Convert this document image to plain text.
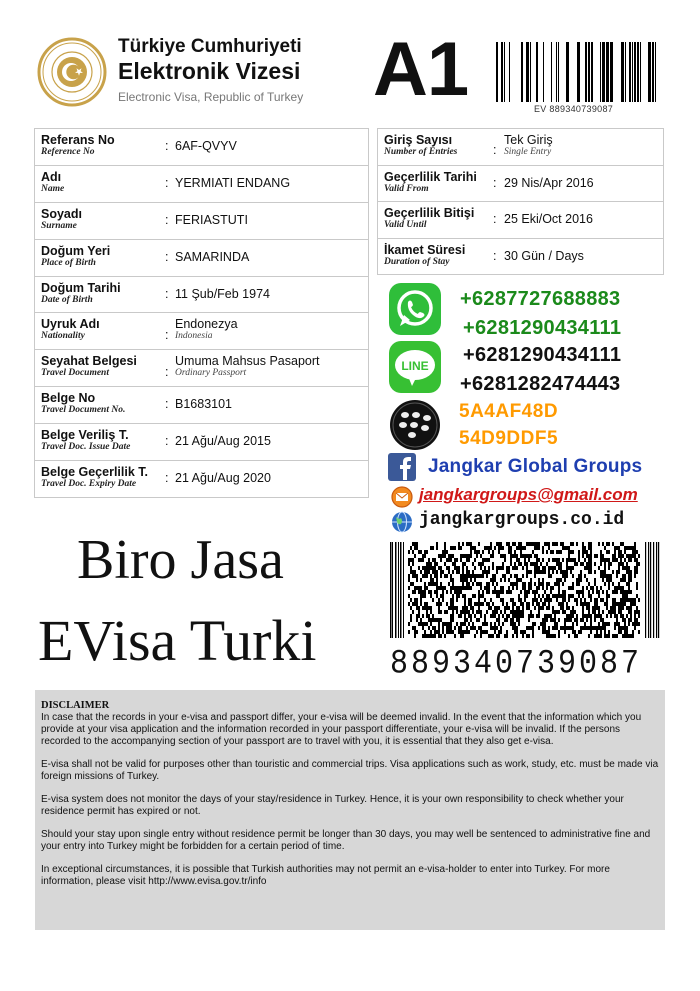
Türkiye Cumhuriyeti
Elektronik Vizesi
Electronic Visa, Republic of Turkey A1	EV 889340739087
Referans No
Reference No	: 6AF-QVYV
Adı
Name	: YERMIATI ENDANG
Soyadı
Surname	: FERIASTUTI
Doğum Yeri
Place of Birth	: SAMARINDA
Doğum Tarihi
Date of Birth	: 11 Şub/Feb 1974
Uyruk Adı
Nationality	:
Endonezya
Indonesia
Seyahat Belgesi
Travel Document	:
Umuma Mahsus Pasaport
Ordinary Passport
Belge No
Travel Document No.	: B1683101
Belge Veriliş T.
Travel Doc. Issue Date	: 21 Ağu/Aug 2015
Belge Geçerlilik T.
Travel Doc. Expiry Date	: 21 Ağu/Aug 2020
Giriş Sayısı
Number of Entries	:
Tek Giriş
Single Entry
Geçerlilik Tarihi
Valid From	: 29 Nis/Apr 2016
Geçerlilik Bitişi
Valid Until	: 25 Eki/Oct 2016
İkamet Süresi
Duration of Stay	: 30 Gün / Days
LINE
+6287727688883
+6281290434111
+6281290434111
+6281282474443
5A4AF48D
54D9DDF5
Jangkar Global Groups
jangkargroups@gmail.com
jangkargroups.co.id
Biro Jasa
EVisa Turki 889340739087
DISCLAIMER
In case that the records in your e-visa and passport differ, your e-visa will be deemed invalid. In the event that the information which you provide at your visa application and the information recorded in your passport differentiate, your e-visa will be invalid. If the persons recorded to the accompanying section of your passport are to travel with you, it is essential that they also get e-visa.
E-visa shall not be valid for purposes other than touristic and commercial trips. Visa applications such as work, study, etc. must be made via foreign missions of Turkey.
E-visa system does not monitor the days of your stay/residence in Turkey. Hence, it is your own responsibility to check whether your residence permit has expired or not.
Should your stay upon single entry without residence permit be longer than 30 days, you may well be sentenced to administrative fine and your entry into Turkey might be forbidden for a certain period of time.
In exceptional circumstances, it is possible that Turkish authorities may not permit an e-visa-holder to enter into Turkey. For more information, please visit http://www.evisa.gov.tr/info
